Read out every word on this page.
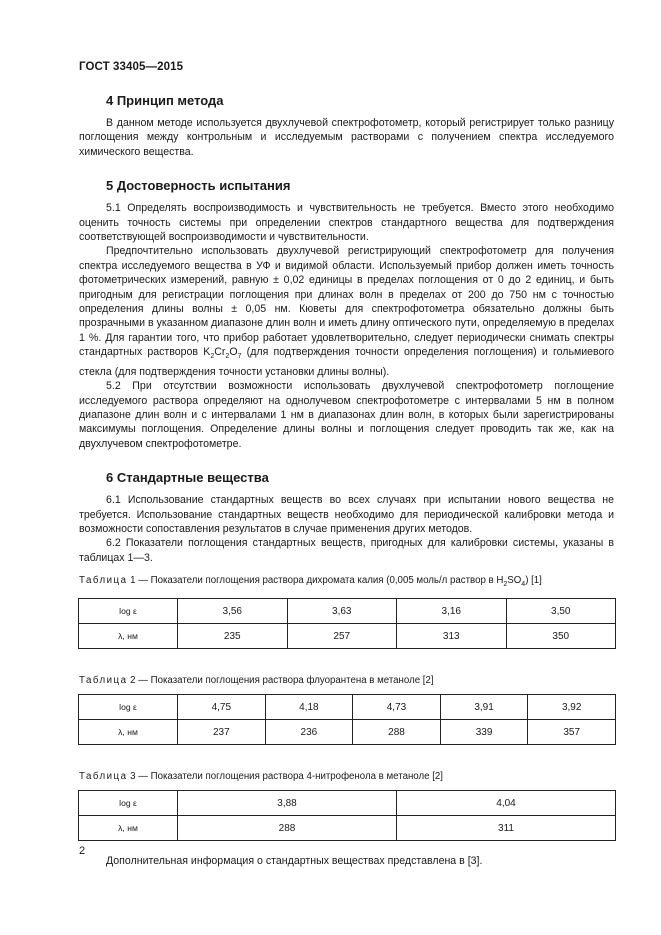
ГОСТ 33405—2015
4 Принцип метода

В данном методе используется двухлучевой спектрофотометр, который регистрирует только разницу поглощения между контрольным и исследуемым растворами с получением спектра исследуемого химического вещества.

5 Достоверность испытания

5.1 Определять воспроизводимость и чувствительность не требуется. Вместо этого необходимо оценить точность системы при определении спектров стандартного вещества для подтверждения соответствующей воспроизводимости и чувствительности.

Предпочтительно использовать двухлучевой регистрирующий спектрофотометр для получения спектра исследуемого вещества в УФ и видимой области. Используемый прибор должен иметь точность фотометрических измерений, равную ± 0,02 единицы в пределах поглощения от 0 до 2 единиц, и быть пригодным для регистрации поглощения при длинах волн в пределах от 200 до 750 нм с точностью определения длины волны ± 0,05 нм. Кюветы для спектрофотометра обязательно должны быть прозрачными в указанном диапазоне длин волн и иметь длину оптического пути, определяемую в пределах 1 %. Для гарантии того, что прибор работает удовлетворительно, следует периодически снимать спектры стандартных растворов $K_2Cr_2O_7$ (для подтверждения точности определения поглощения) и гольмиевого стекла (для подтверждения точности установки длины волны).

5.2 При отсутствии возможности использовать двухлучевой спектрофотометр поглощение исследуемого раствора определяют на однолучевом спектрофотометре с интервалами 5 нм в полном диапазоне длин волн и с интервалами 1 нм в диапазонах длин волн, в которых были зарегистрированы максимумы поглощения. Определение длины волны и поглощения следует проводить так же, как на двухлучевом спектрофотометре.

6 Стандартные вещества

6.1 Использование стандартных веществ во всех случаях при испытании нового вещества не требуется. Использование стандартных веществ необходимо для периодической калибровки метода и возможности сопоставления результатов в случае применения других методов.

6.2 Показатели поглощения стандартных веществ, пригодных для калибровки системы, указаны в таблицах 1—3.

Таблица 1 — Показатели поглощения раствора дихромата калия (0,005 моль/л раствор в $H_2SO_4$) [1]
log ε	3,56	3,63	3,16	3,50
λ, нм	235	257	313	350
Таблица 2 — Показатели поглощения раствора флуорантена в метаноле [2]
log ε	4,75	4,18	4,73	3,91	3,92
λ, нм	237	236	288	339	357
Таблица 3 — Показатели поглощения раствора 4-нитрофенола в метаноле [2]
log ε	3,88	4,04
λ, нм	288	311

Дополнительная информация о стандартных веществах представлена в [3].

2
